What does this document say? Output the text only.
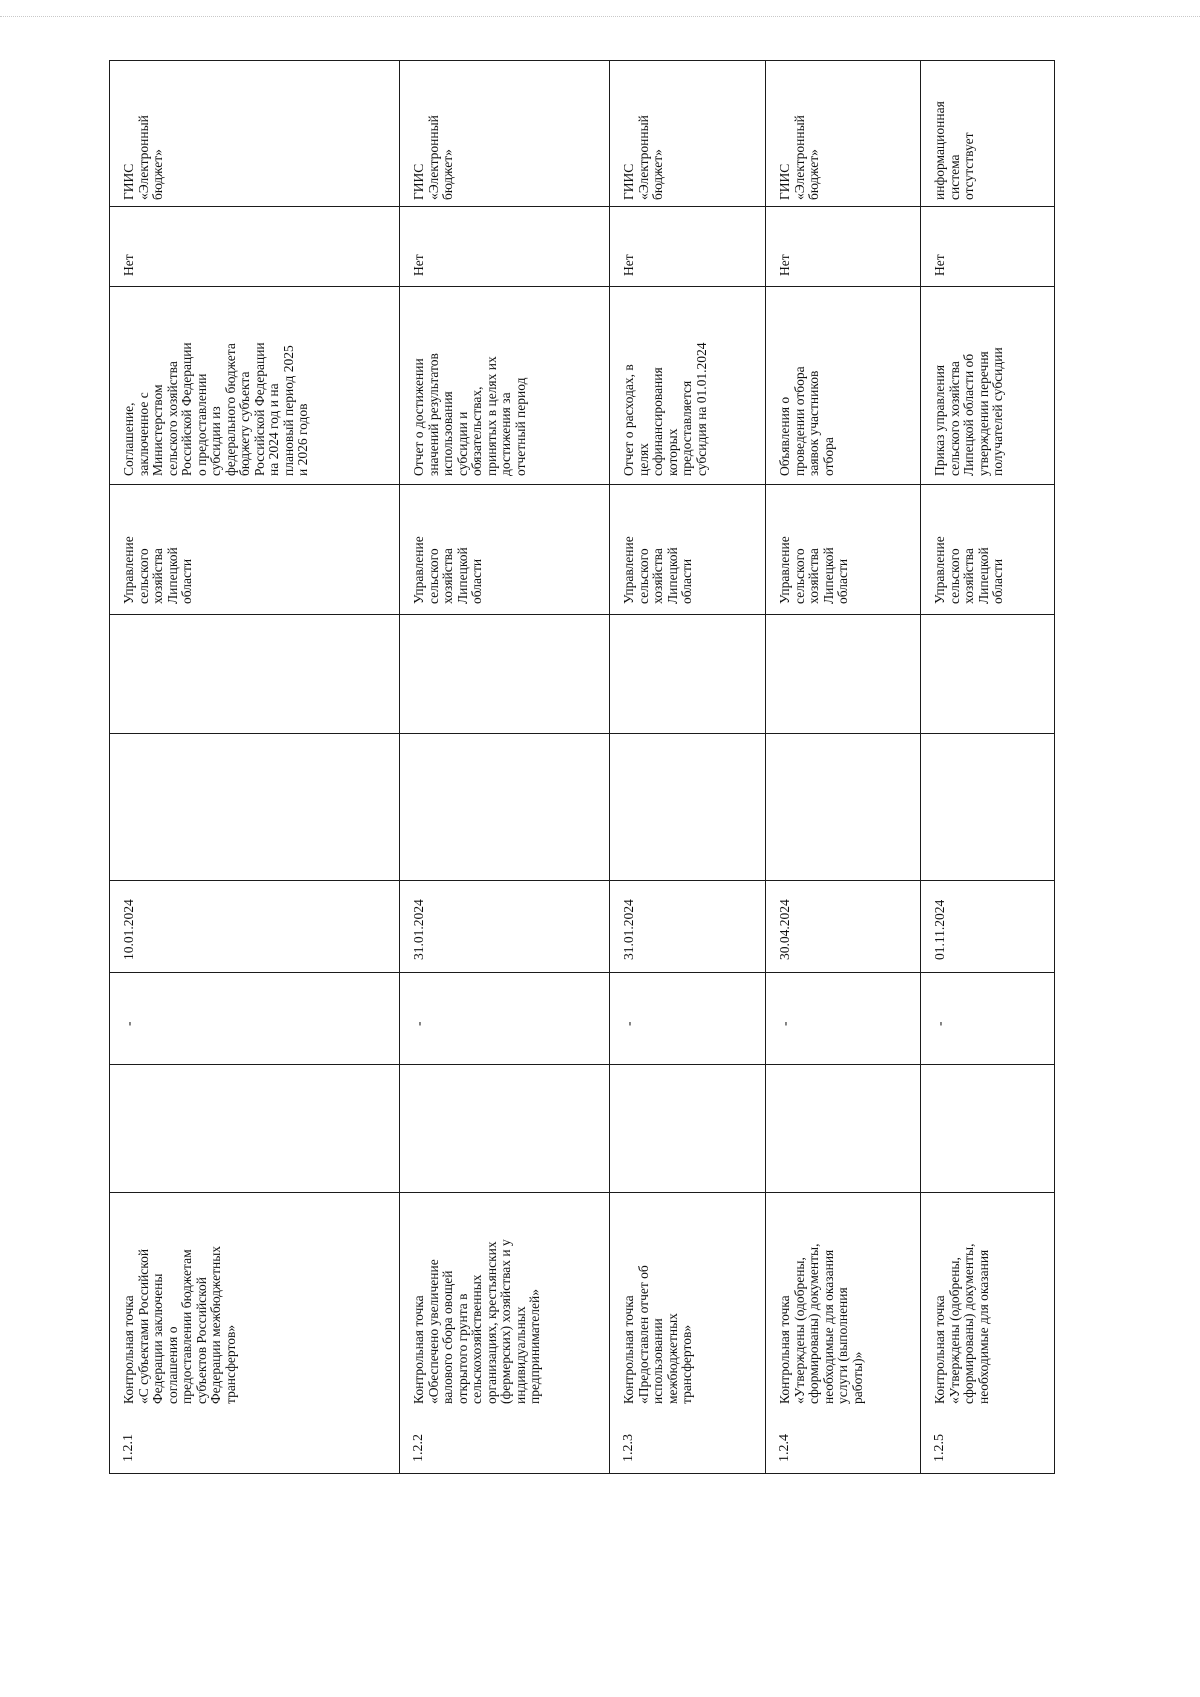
1.2.1
Контрольная точка
«С субъектами Российской
Федерации заключены
соглашения о
предоставлении бюджетам
субъектов Российской
Федерации межбюджетных
трансфертов»
-
10.01.2024
Управление
сельского
хозяйства
Липецкой
области
Соглашение,
заключенное с
Министерством
сельского хозяйства
Российской Федерации
о предоставлении
субсидии из
федерального бюджета
бюджету субъекта
Российской Федерации
на 2024 год и на
плановый период 2025
и 2026 годов
Нет
ГИИС
«Электронный
бюджет»
1.2.2
Контрольная точка
«Обеспечено увеличение
валового сбора овощей
открытого грунта в
сельскохозяйственных
организациях, крестьянских
(фермерских) хозяйствах и у
индивидуальных
предпринимателей»
-
31.01.2024
Управление
сельского
хозяйства
Липецкой
области
Отчет о достижении
значений результатов
использования
субсидии и
обязательствах,
принятых в целях их
достижения за
отчетный период
Нет
ГИИС
«Электронный
бюджет»
1.2.3
Контрольная точка
«Предоставлен отчет об
использовании
межбюджетных
трансфертов»
-
31.01.2024
Управление
сельского
хозяйства
Липецкой
области
Отчет о расходах, в
целях
софинансирования
которых
предоставляется
субсидия на 01.01.2024
Нет
ГИИС
«Электронный
бюджет»
1.2.4
Контрольная точка
«Утверждены (одобрены,
сформированы) документы,
необходимые для оказания
услуги (выполнения
работы)»
-
30.04.2024
Управление
сельского
хозяйства
Липецкой
области
Объявления о
проведении отбора
заявок участников
отбора
Нет
ГИИС
«Электронный
бюджет»
1.2.5
Контрольная точка
«Утверждены (одобрены,
сформированы) документы,
необходимые для оказания
-
01.11.2024
Управление
сельского
хозяйства
Липецкой
области
Приказ управления
сельского хозяйства
Липецкой области об
утверждении перечня
получателей субсидии
Нет
информационная
система
отсутствует
